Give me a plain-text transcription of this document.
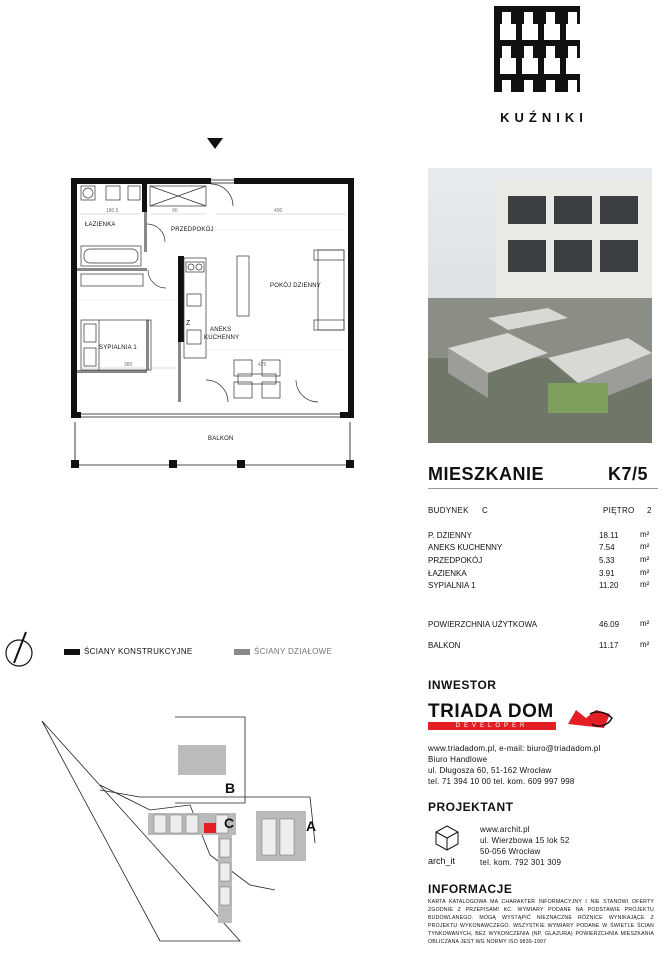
KUŹNIKI
ŁAZIENKA
PRZEDPOKÓJ
POKÓJ DZIENNY
ANEKS
KUCHENNY
SYPIALNIA 1
BALKON
180.5	90	400
380	425
Z
ŚCIANY KONSTRUKCYJNE	ŚCIANY DZIAŁOWE
B
A
C
MIESZKANIE	K7/5
BUDYNEK C	PIĘTRO 2
P. DZIENNY	18.11	m²
ANEKS KUCHENNY	7.54	m²
PRZEDPOKÓJ	5.33	m²
ŁAZIENKA	3.91	m²
SYPIALNIA 1	11.20	m²
POWIERZCHNIA UŻYTKOWA	46.09	m²
BALKON	11.17	m²
INWESTOR
TRIADA DOM
DEVELOPER
www.triadadom.pl, e-mail: biuro@triadadom.pl
Biuro Handlowe
ul. Długosza 60, 51-162 Wrocław
tel. 71 394 10 00 tel. kom. 609 997 998
PROJEKTANT
arch_it
www.archit.pl
ul. Wierzbowa 15 lok 52
50-056 Wrocław
tel. kom. 792 301 309
INFORMACJE
KARTA KATALOGOWA MA CHARAKTER INFORMACYJNY I NIE STANOWI OFERTY ZGODNIE Z PRZEPISAMI KC. WYMIARY PODANE NA PODSTAWIE PROJEKTU BUDOWLANEGO. MOGĄ WYSTĄPIĆ NIEZNACZNE RÓŻNICE WYNIKAJĄCE Z PROJEKTU WYKONAWCZEGO. WSZYSTKIE WYMIARY PODANE W ŚWIETLE ŚCIAN TYNKOWANYCH, BEZ WYKOŃCZENIA (NP. GLAZURA) POWIERZCHNIA MIESZKANIA OBLICZANA JEST WG NORMY ISO 9836-1997
